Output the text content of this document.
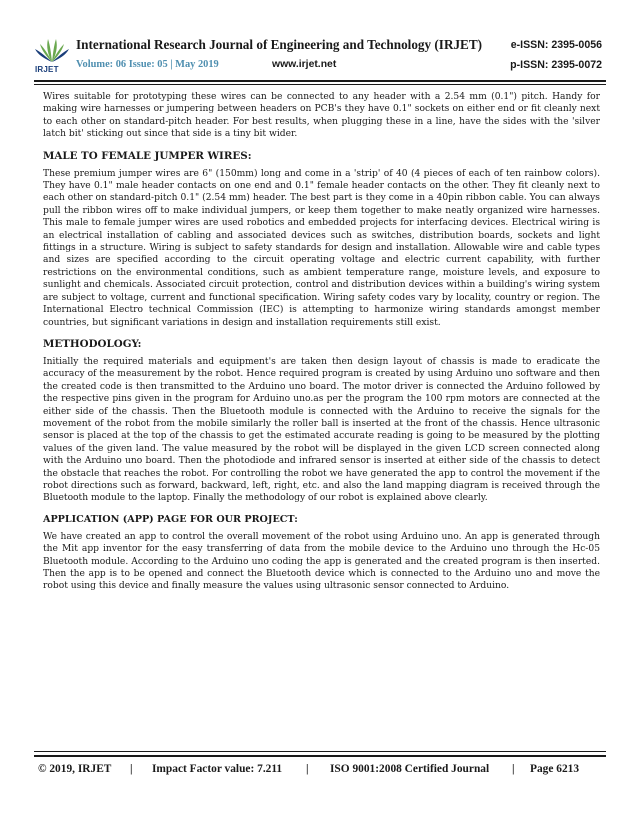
IRJET
International Research Journal of Engineering and Technology (IRJET)	e-ISSN: 2395-0056
Volume: 06 Issue: 05 | May 2019	www.irjet.net	p-ISSN: 2395-0072

Wires suitable for prototyping these wires can be connected to any header with a 2.54 mm (0.1") pitch. Handy for making wire harnesses or jumpering between headers on PCB's they have 0.1" sockets on either end or fit cleanly next to each other on standard-pitch header. For best results, when plugging these in a line, have the sides with the 'silver latch bit' sticking out since that side is a tiny bit wider.

MALE TO FEMALE JUMPER WIRES:

These premium jumper wires are 6" (150mm) long and come in a 'strip' of 40 (4 pieces of each of ten rainbow colors). They have 0.1" male header contacts on one end and 0.1" female header contacts on the other. They fit cleanly next to each other on standard-pitch 0.1" (2.54 mm) header. The best part is they come in a 40pin ribbon cable. You can always pull the ribbon wires off to make individual jumpers, or keep them together to make neatly organized wire harnesses. This male to female jumper wires are used robotics and embedded projects for interfacing devices. Electrical wiring is an electrical installation of cabling and associated devices such as switches, distribution boards, sockets and light fittings in a structure. Wiring is subject to safety standards for design and installation. Allowable wire and cable types and sizes are specified according to the circuit operating voltage and electric current capability, with further restrictions on the environmental conditions, such as ambient temperature range, moisture levels, and exposure to sunlight and chemicals. Associated circuit protection, control and distribution devices within a building's wiring system are subject to voltage, current and functional specification. Wiring safety codes vary by locality, country or region. The International Electro technical Commission (IEC) is attempting to harmonize wiring standards amongst member countries, but significant variations in design and installation requirements still exist.

METHODOLOGY:

Initially the required materials and equipment's are taken then design layout of chassis is made to eradicate the accuracy of the measurement by the robot. Hence required program is created by using Arduino uno software and then the created code is then transmitted to the Arduino uno board. The motor driver is connected the Arduino followed by the respective pins given in the program for Arduino uno.as per the program the 100 rpm motors are connected at the either side of the chassis. Then the Bluetooth module is connected with the Arduino to receive the signals for the movement of the robot from the mobile similarly the roller ball is inserted at the front of the chassis. Hence ultrasonic sensor is placed at the top of the chassis to get the estimated accurate reading is going to be measured by the plotting values of the given land. The value measured by the robot will be displayed in the given LCD screen connected along with the Arduino uno board. Then the photodiode and infrared sensor is inserted at either side of the chassis to detect the obstacle that reaches the robot. For controlling the robot we have generated the app to control the movement if the robot directions such as forward, backward, left, right, etc. and also the land mapping diagram is received through the Bluetooth module to the laptop. Finally the methodology of our robot is explained above clearly.

APPLICATION (APP) PAGE FOR OUR PROJECT:

We have created an app to control the overall movement of the robot using Arduino uno. An app is generated through the Mit app inventor for the easy transferring of data from the mobile device to the Arduino uno through the Hc-05 Bluetooth module. According to the Arduino uno coding the app is generated and the created program is then inserted. Then the app is to be opened and connect the Bluetooth device which is connected to the Arduino uno and move the robot using this device and finally measure the values using ultrasonic sensor connected to Arduino.

© 2019, IRJET | Impact Factor value: 7.211 | ISO 9001:2008 Certified Journal | Page 6213
